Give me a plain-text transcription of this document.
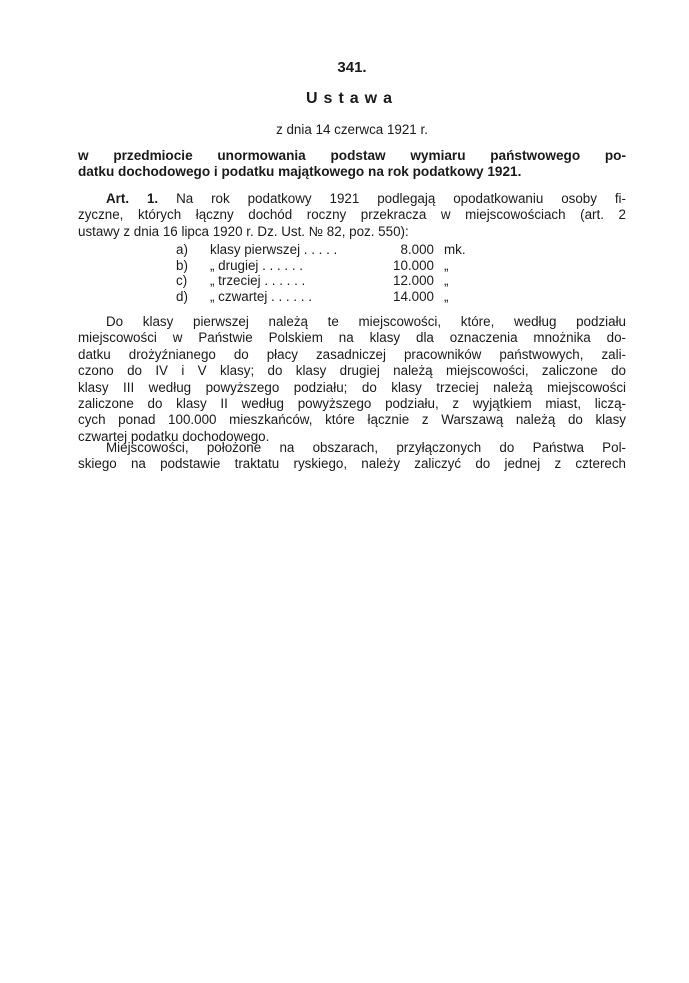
341.
Ustawa
z dnia 14 czerwca 1921 r.
w przedmiocie unormowania podstaw wymiaru państwowego po-
datku dochodowego i podatku majątkowego na rok podatkowy 1921.
Art. 1. Na rok podatkowy 1921 podlegają opodatkowaniu osoby fi-
zyczne, których łączny dochód roczny przekracza w miejscowościach (art. 2
ustawy z dnia 16 lipca 1920 r. Dz. Ust. № 82, poz. 550):
a)	klasy pierwszej . . . . .	8.000 mk.
b)	„ drugiej . . . . . .	10.000 „
c)	„ trzeciej . . . . . .	12.000 „
d)	„ czwartej . . . . . .	14.000 „
Do klasy pierwszej należą te miejscowości, które, według podziału
miejscowości w Państwie Polskiem na klasy dla oznaczenia mnożnika do-
datku drożyźnianego do płacy zasadniczej pracowników państwowych, zali-
czono do IV i V klasy; do klasy drugiej należą miejscowości, zaliczone do
klasy III według powyższego podziału; do klasy trzeciej należą miejscowości
zaliczone do klasy II według powyższego podziału, z wyjątkiem miast, liczą-
cych ponad 100.000 mieszkańców, które łącznie z Warszawą należą do klasy
czwartej podatku dochodowego.
Miejscowości, położone na obszarach, przyłączonych do Państwa Pol-
skiego na podstawie traktatu ryskiego, należy zaliczyć do jednej z czterech
